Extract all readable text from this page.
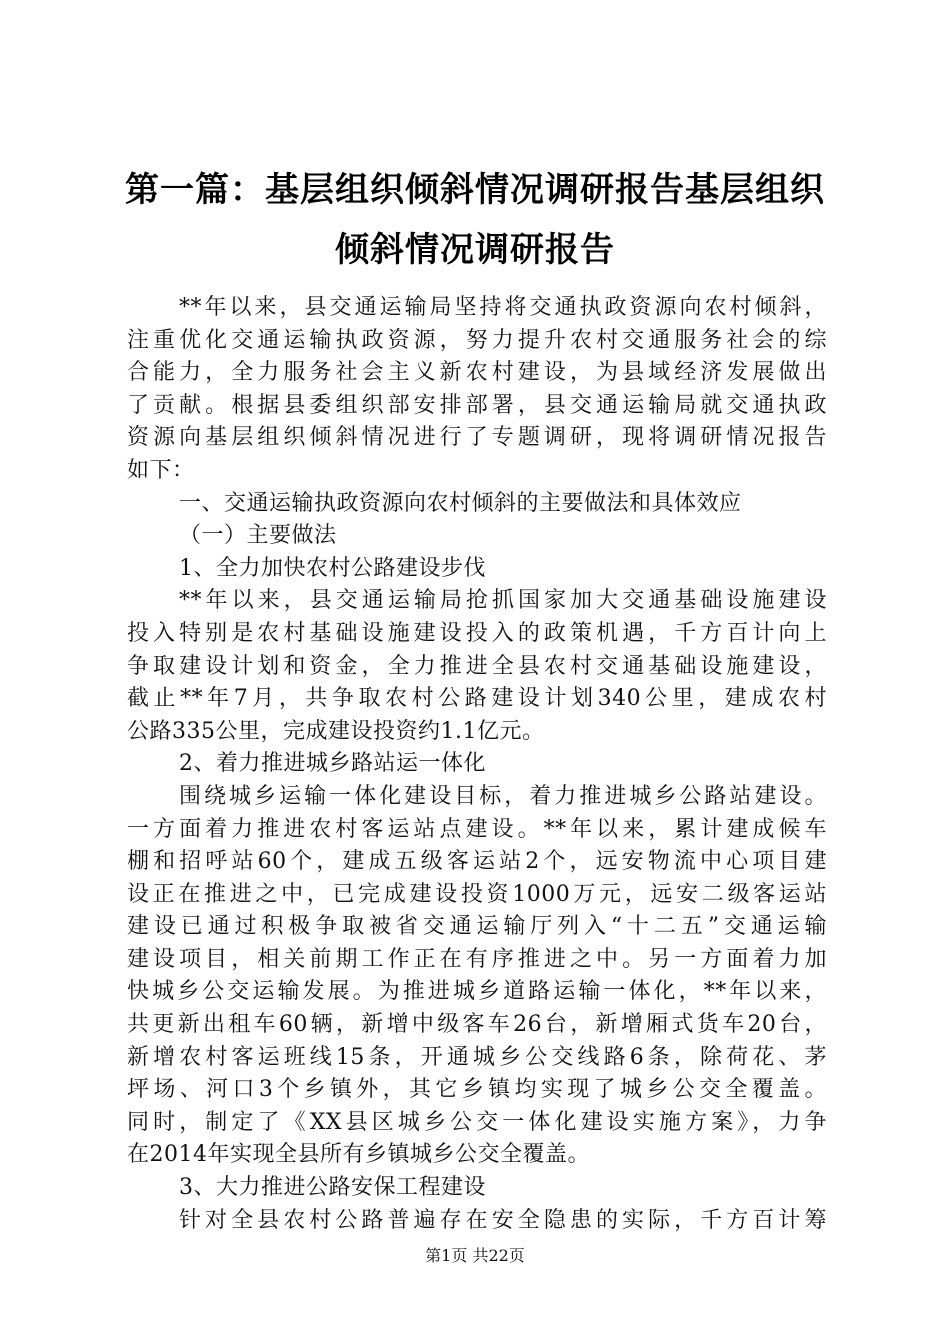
第一篇：基层组织倾斜情况调研报告基层组织
倾斜情况调研报告
**年以来，县交通运输局坚持将交通执政资源向农村倾斜，
注重优化交通运输执政资源，努力提升农村交通服务社会的综
合能力，全力服务社会主义新农村建设，为县域经济发展做出
了贡献。根据县委组织部安排部署，县交通运输局就交通执政
资源向基层组织倾斜情况进行了专题调研，现将调研情况报告
如下：
一、交通运输执政资源向农村倾斜的主要做法和具体效应
（一）主要做法
1、全力加快农村公路建设步伐
**年以来，县交通运输局抢抓国家加大交通基础设施建设
投入特别是农村基础设施建设投入的政策机遇，千方百计向上
争取建设计划和资金，全力推进全县农村交通基础设施建设，
截止**年7月，共争取农村公路建设计划340公里，建成农村
公路335公里，完成建设投资约1.1亿元。
2、着力推进城乡路站运一体化
围绕城乡运输一体化建设目标，着力推进城乡公路站建设。
一方面着力推进农村客运站点建设。**年以来，累计建成候车
棚和招呼站60个，建成五级客运站2个，远安物流中心项目建
设正在推进之中，已完成建设投资1000万元，远安二级客运站
建设已通过积极争取被省交通运输厅列入“十二五”交通运输
建设项目，相关前期工作正在有序推进之中。另一方面着力加
快城乡公交运输发展。为推进城乡道路运输一体化，**年以来，
共更新出租车60辆，新增中级客车26台，新增厢式货车20台，
新增农村客运班线15条，开通城乡公交线路6条，除荷花、茅
坪场、河口3个乡镇外，其它乡镇均实现了城乡公交全覆盖。
同时，制定了《XX县区城乡公交一体化建设实施方案》，力争
在2014年实现全县所有乡镇城乡公交全覆盖。
3、大力推进公路安保工程建设
针对全县农村公路普遍存在安全隐患的实际，千方百计筹
第1页 共22页
